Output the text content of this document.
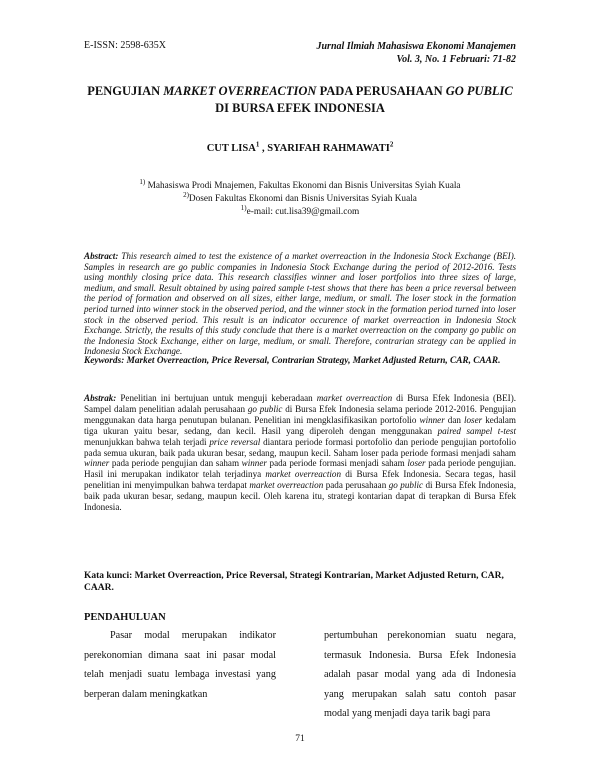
E-ISSN: 2598-635X	Jurnal Ilmiah Mahasiswa Ekonomi Manajemen
Vol. 3, No. 1 Februari: 71-82
PENGUJIAN MARKET OVERREACTION PADA PERUSAHAAN GO PUBLIC DI BURSA EFEK INDONESIA
CUT LISA$^1$ , SYARIFAH RAHMAWATI$^2$
$^{1)}$ Mahasiswa Prodi Mnajemen, Fakultas Ekonomi dan Bisnis Universitas Syiah Kuala
$^{2)}$Dosen Fakultas Ekonomi dan Bisnis Universitas Syiah Kuala
$^{1)}$e-mail: cut.lisa39@gmail.com
Abstract: This research aimed to test the existence of a market overreaction in the Indonesia Stock Exchange (BEI). Samples in research are go public companies in Indonesia Stock Exchange during the period of 2012-2016. Tests using monthly closing price data. This research classifies winner and loser portfolios into three sizes of large, medium, and small. Result obtained by using paired sample t-test shows that there has been a price reversal between the period of formation and observed on all sizes, either large, medium, or small. The loser stock in the formation period turned into winner stock in the observed period, and the winner stock in the formation period turned into loser stock in the observed period. This result is an indicator occurence of market overreaction in Indonesia Stock Exchange. Strictly, the results of this study conclude that there is a market overreaction on the company go public on the Indonesia Stock Exchange, either on large, medium, or small. Therefore, contrarian strategy can be applied in Indonesia Stock Exchange.
Keywords: Market Overreaction, Price Reversal, Contrarian Strategy, Market Adjusted Return, CAR, CAAR.
Abstrak: Penelitian ini bertujuan untuk menguji keberadaan market overreaction di Bursa Efek Indonesia (BEI). Sampel dalam penelitian adalah perusahaan go public di Bursa Efek Indonesia selama periode 2012-2016. Pengujian menggunakan data harga penutupan bulanan. Penelitian ini mengklasifikasikan portofolio winner dan loser kedalam tiga ukuran yaitu besar, sedang, dan kecil. Hasil yang diperoleh dengan menggunakan paired sampel t-test menunjukkan bahwa telah terjadi price reversal diantara periode formasi portofolio dan periode pengujian portofolio pada semua ukuran, baik pada ukuran besar, sedang, maupun kecil. Saham loser pada periode formasi menjadi saham winner pada periode pengujian dan saham winner pada periode formasi menjadi saham loser pada periode pengujian. Hasil ini merupakan indikator telah terjadinya market overreaction di Bursa Efek Indonesia. Secara tegas, hasil penelitian ini menyimpulkan bahwa terdapat market overreaction pada perusahaan go public di Bursa Efek Indonesia, baik pada ukuran besar, sedang, maupun kecil. Oleh karena itu, strategi kontarian dapat di terapkan di Bursa Efek Indonesia.
Kata kunci: Market Overreaction, Price Reversal, Strategi Kontrarian, Market Adjusted Return, CAR, CAAR.

PENDAHULUAN

Pasar modal merupakan indikator perekonomian dimana saat ini pasar modal telah menjadi suatu lembaga investasi yang berperan dalam meningkatkan

pertumbuhan perekonomian suatu negara, termasuk Indonesia. Bursa Efek Indonesia adalah pasar modal yang ada di Indonesia yang merupakan salah satu contoh pasar modal yang menjadi daya tarik bagi para

71
